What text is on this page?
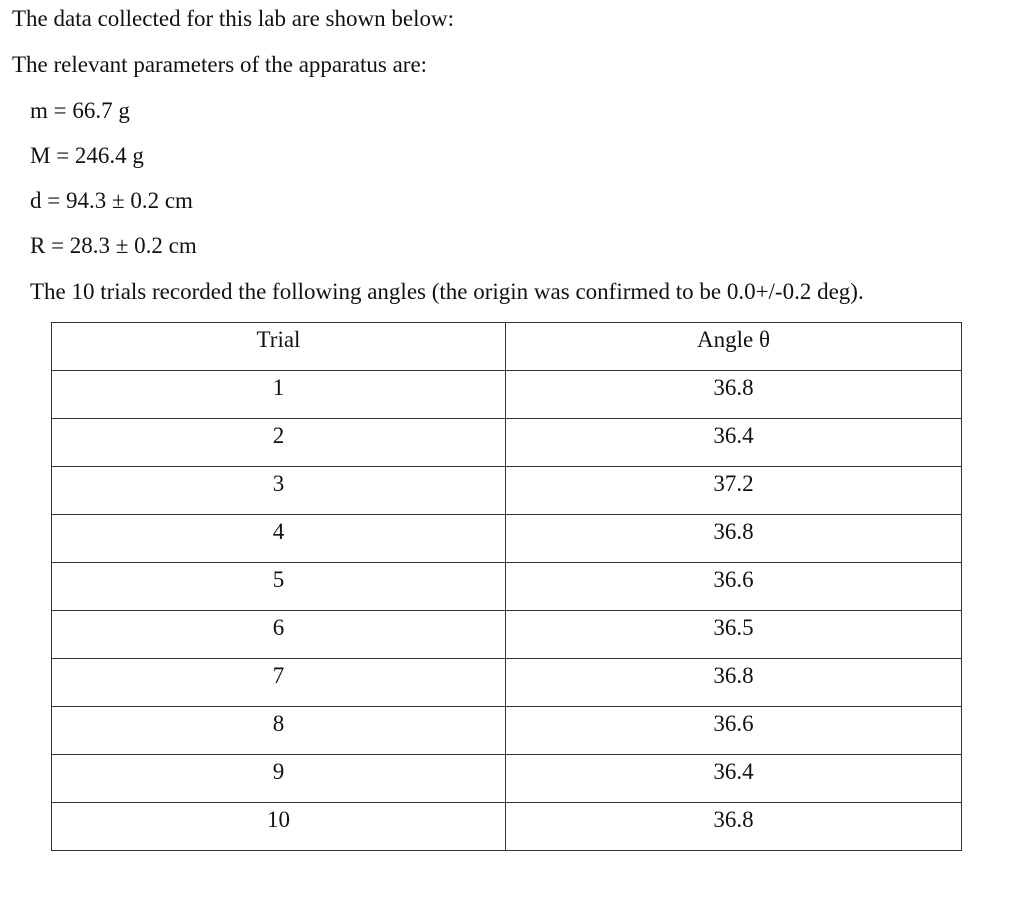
The data collected for this lab are shown below:
The relevant parameters of the apparatus are:
m = 66.7 g
M = 246.4 g
d = 94.3 ± 0.2 cm
R = 28.3 ± 0.2 cm
The 10 trials recorded the following angles (the origin was confirmed to be 0.0+/-0.2 deg).
Trial	Angle θ
1	36.8
2	36.4
3	37.2
4	36.8
5	36.6
6	36.5
7	36.8
8	36.6
9	36.4
10	36.8
